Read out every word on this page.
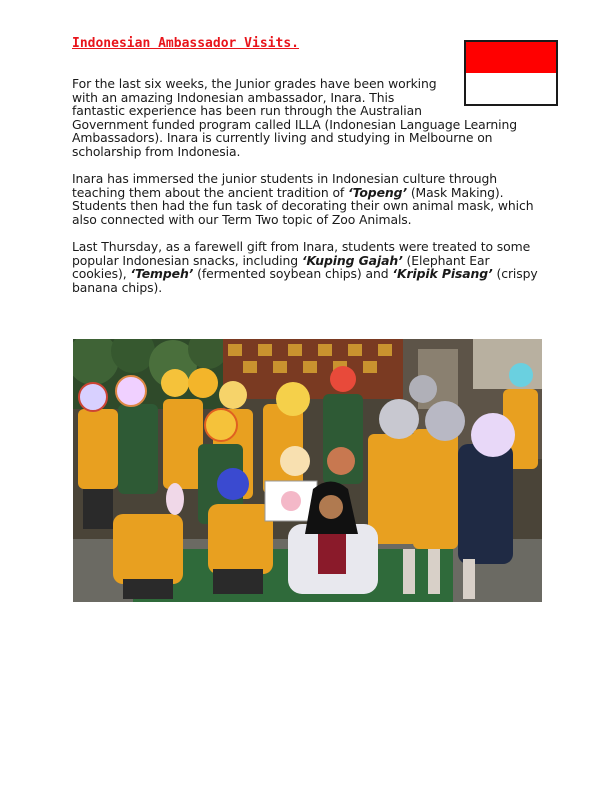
Indonesian Ambassador Visits.

For the last six weeks, the Junior grades have been working
with an amazing Indonesian ambassador, Inara. This
fantastic experience has been run through the Australian
Government funded program called ILLA (Indonesian Language Learning
Ambassadors). Inara is currently living and studying in Melbourne on
scholarship from Indonesia.

Inara has immersed the junior students in Indonesian culture through
teaching them about the ancient tradition of ‘Topeng’ (Mask Making).
Students then had the fun task of decorating their own animal mask, which
also connected with our Term Two topic of Zoo Animals.

Last Thursday, as a farewell gift from Inara, students were treated to some
popular Indonesian snacks, including ‘Kuping Gajah’ (Elephant Ear
cookies), ‘Tempeh’ (fermented soybean chips) and ‘Kripik Pisang’ (crispy
banana chips).
